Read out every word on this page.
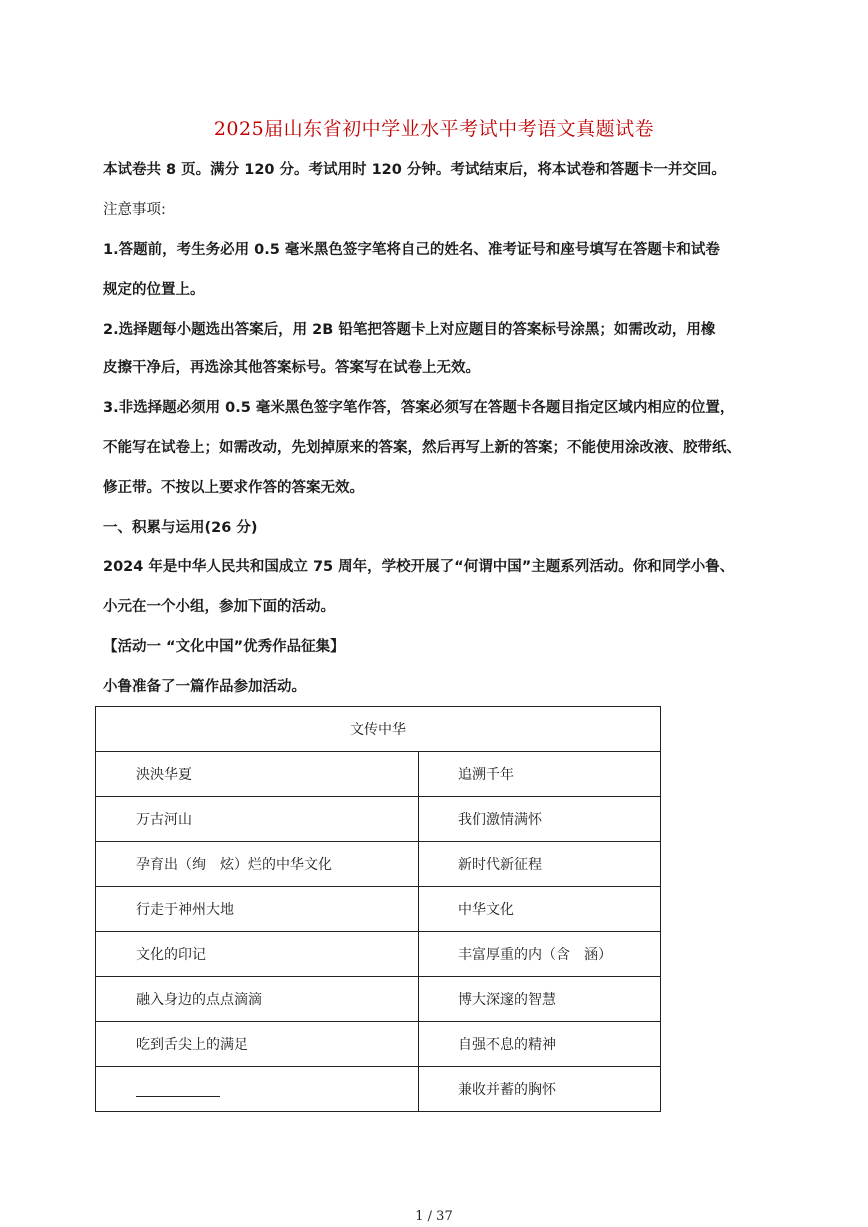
2025届山东省初中学业水平考试中考语文真题试卷
本试卷共 8 页。满分 120 分。考试用时 120 分钟。考试结束后，将本试卷和答题卡一并交回。
注意事项:
1.答题前，考生务必用 0.5 毫米黑色签字笔将自己的姓名、准考证号和座号填写在答题卡和试卷
规定的位置上。
2.选择题每小题选出答案后，用 2B 铅笔把答题卡上对应题目的答案标号涂黑；如需改动，用橡
皮擦干净后，再选涂其他答案标号。答案写在试卷上无效。
3.非选择题必须用 0.5 毫米黑色签字笔作答，答案必须写在答题卡各题目指定区域内相应的位置，
不能写在试卷上；如需改动，先划掉原来的答案，然后再写上新的答案；不能使用涂改液、胶带纸、
修正带。不按以上要求作答的答案无效。
一、积累与运用(26 分)
2024 年是中华人民共和国成立 75 周年，学校开展了“何谓中国”主题系列活动。你和同学小鲁、
小元在一个小组，参加下面的活动。
【活动一 “文化中国”优秀作品征集】
小鲁准备了一篇作品参加活动。
文传中华	
泱泱华夏	追溯千年
万古河山	我们激情满怀
孕育出（绚　炫）烂的中华文化	新时代新征程
行走于神州大地	中华文化
文化的印记	丰富厚重的内（含　涵）
融入身边的点点滴滴	博大深邃的智慧
吃到舌尖上的满足	自强不息的精神
	兼收并蓄的胸怀
1 / 37
